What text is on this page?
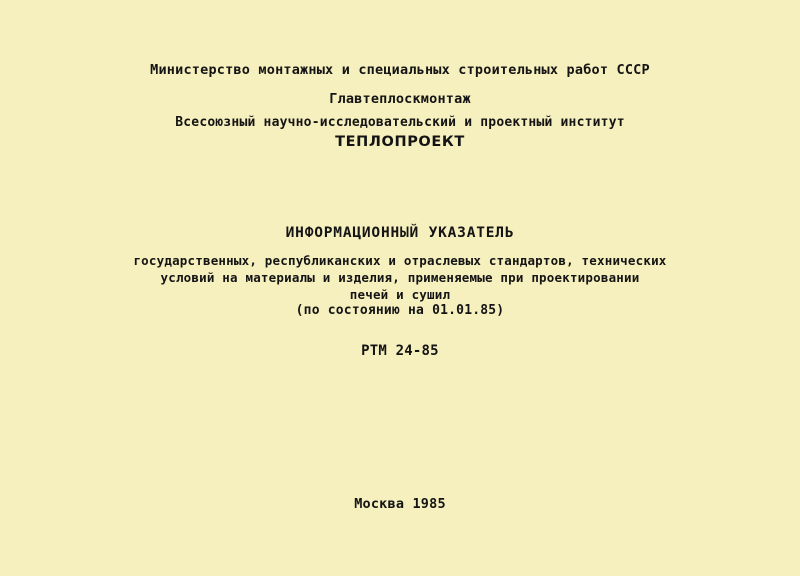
Министерство монтажных и специальных строительных работ СССР
Главтеплоскмонтаж
Всесоюзный научно-исследовательский и проектный институт
ТЕПЛОПРОЕКТ
ИНФОРМАЦИОННЫЙ УКАЗАТЕЛЬ
государственных, республиканских и отраслевых стандартов, технических
условий на материалы и изделия, применяемые при проектировании
печей и сушил
(по состоянию на 01.01.85)
РТМ 24-85
Москва 1985
